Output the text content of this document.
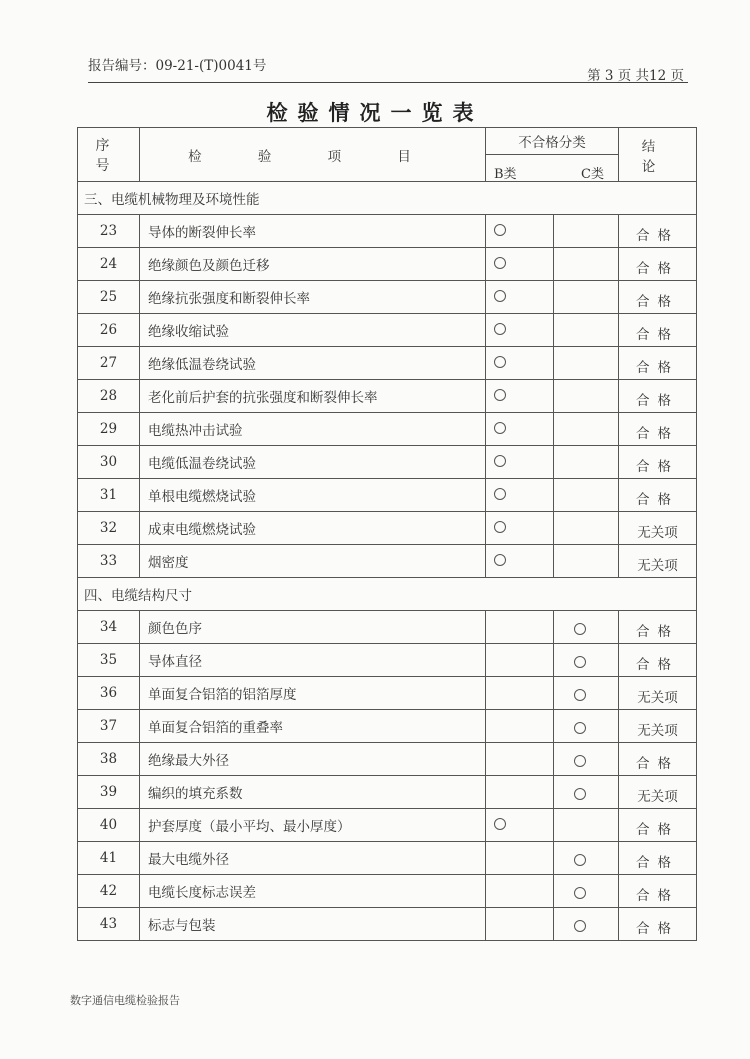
报告编号：09-21-(T)0041号
第 3 页 共12 页
检验情况一览表
序 号	检 验 项 目	不合格分类		结 论

		B类 C类		

三、电缆机械物理及环境性能				
23	导体的断裂伸长率			合格
24	绝缘颜色及颜色迁移			合格
25	绝缘抗张强度和断裂伸长率			合格
26	绝缘收缩试验			合格
27	绝缘低温卷绕试验			合格
28	老化前后护套的抗张强度和断裂伸长率			合格
29	电缆热冲击试验			合格
30	电缆低温卷绕试验			合格
31	单根电缆燃烧试验			合格
32	成束电缆燃烧试验			无关项
33	烟密度			无关项
四、电缆结构尺寸				
34	颜色色序			合格
35	导体直径			合格
36	单面复合铝箔的铝箔厚度			无关项
37	单面复合铝箔的重叠率			无关项
38	绝缘最大外径			合格
39	编织的填充系数			无关项
40	护套厚度（最小平均、最小厚度）			合格
41	最大电缆外径			合格
42	电缆长度标志误差			合格
43	标志与包装			合格
数字通信电缆检验报告
